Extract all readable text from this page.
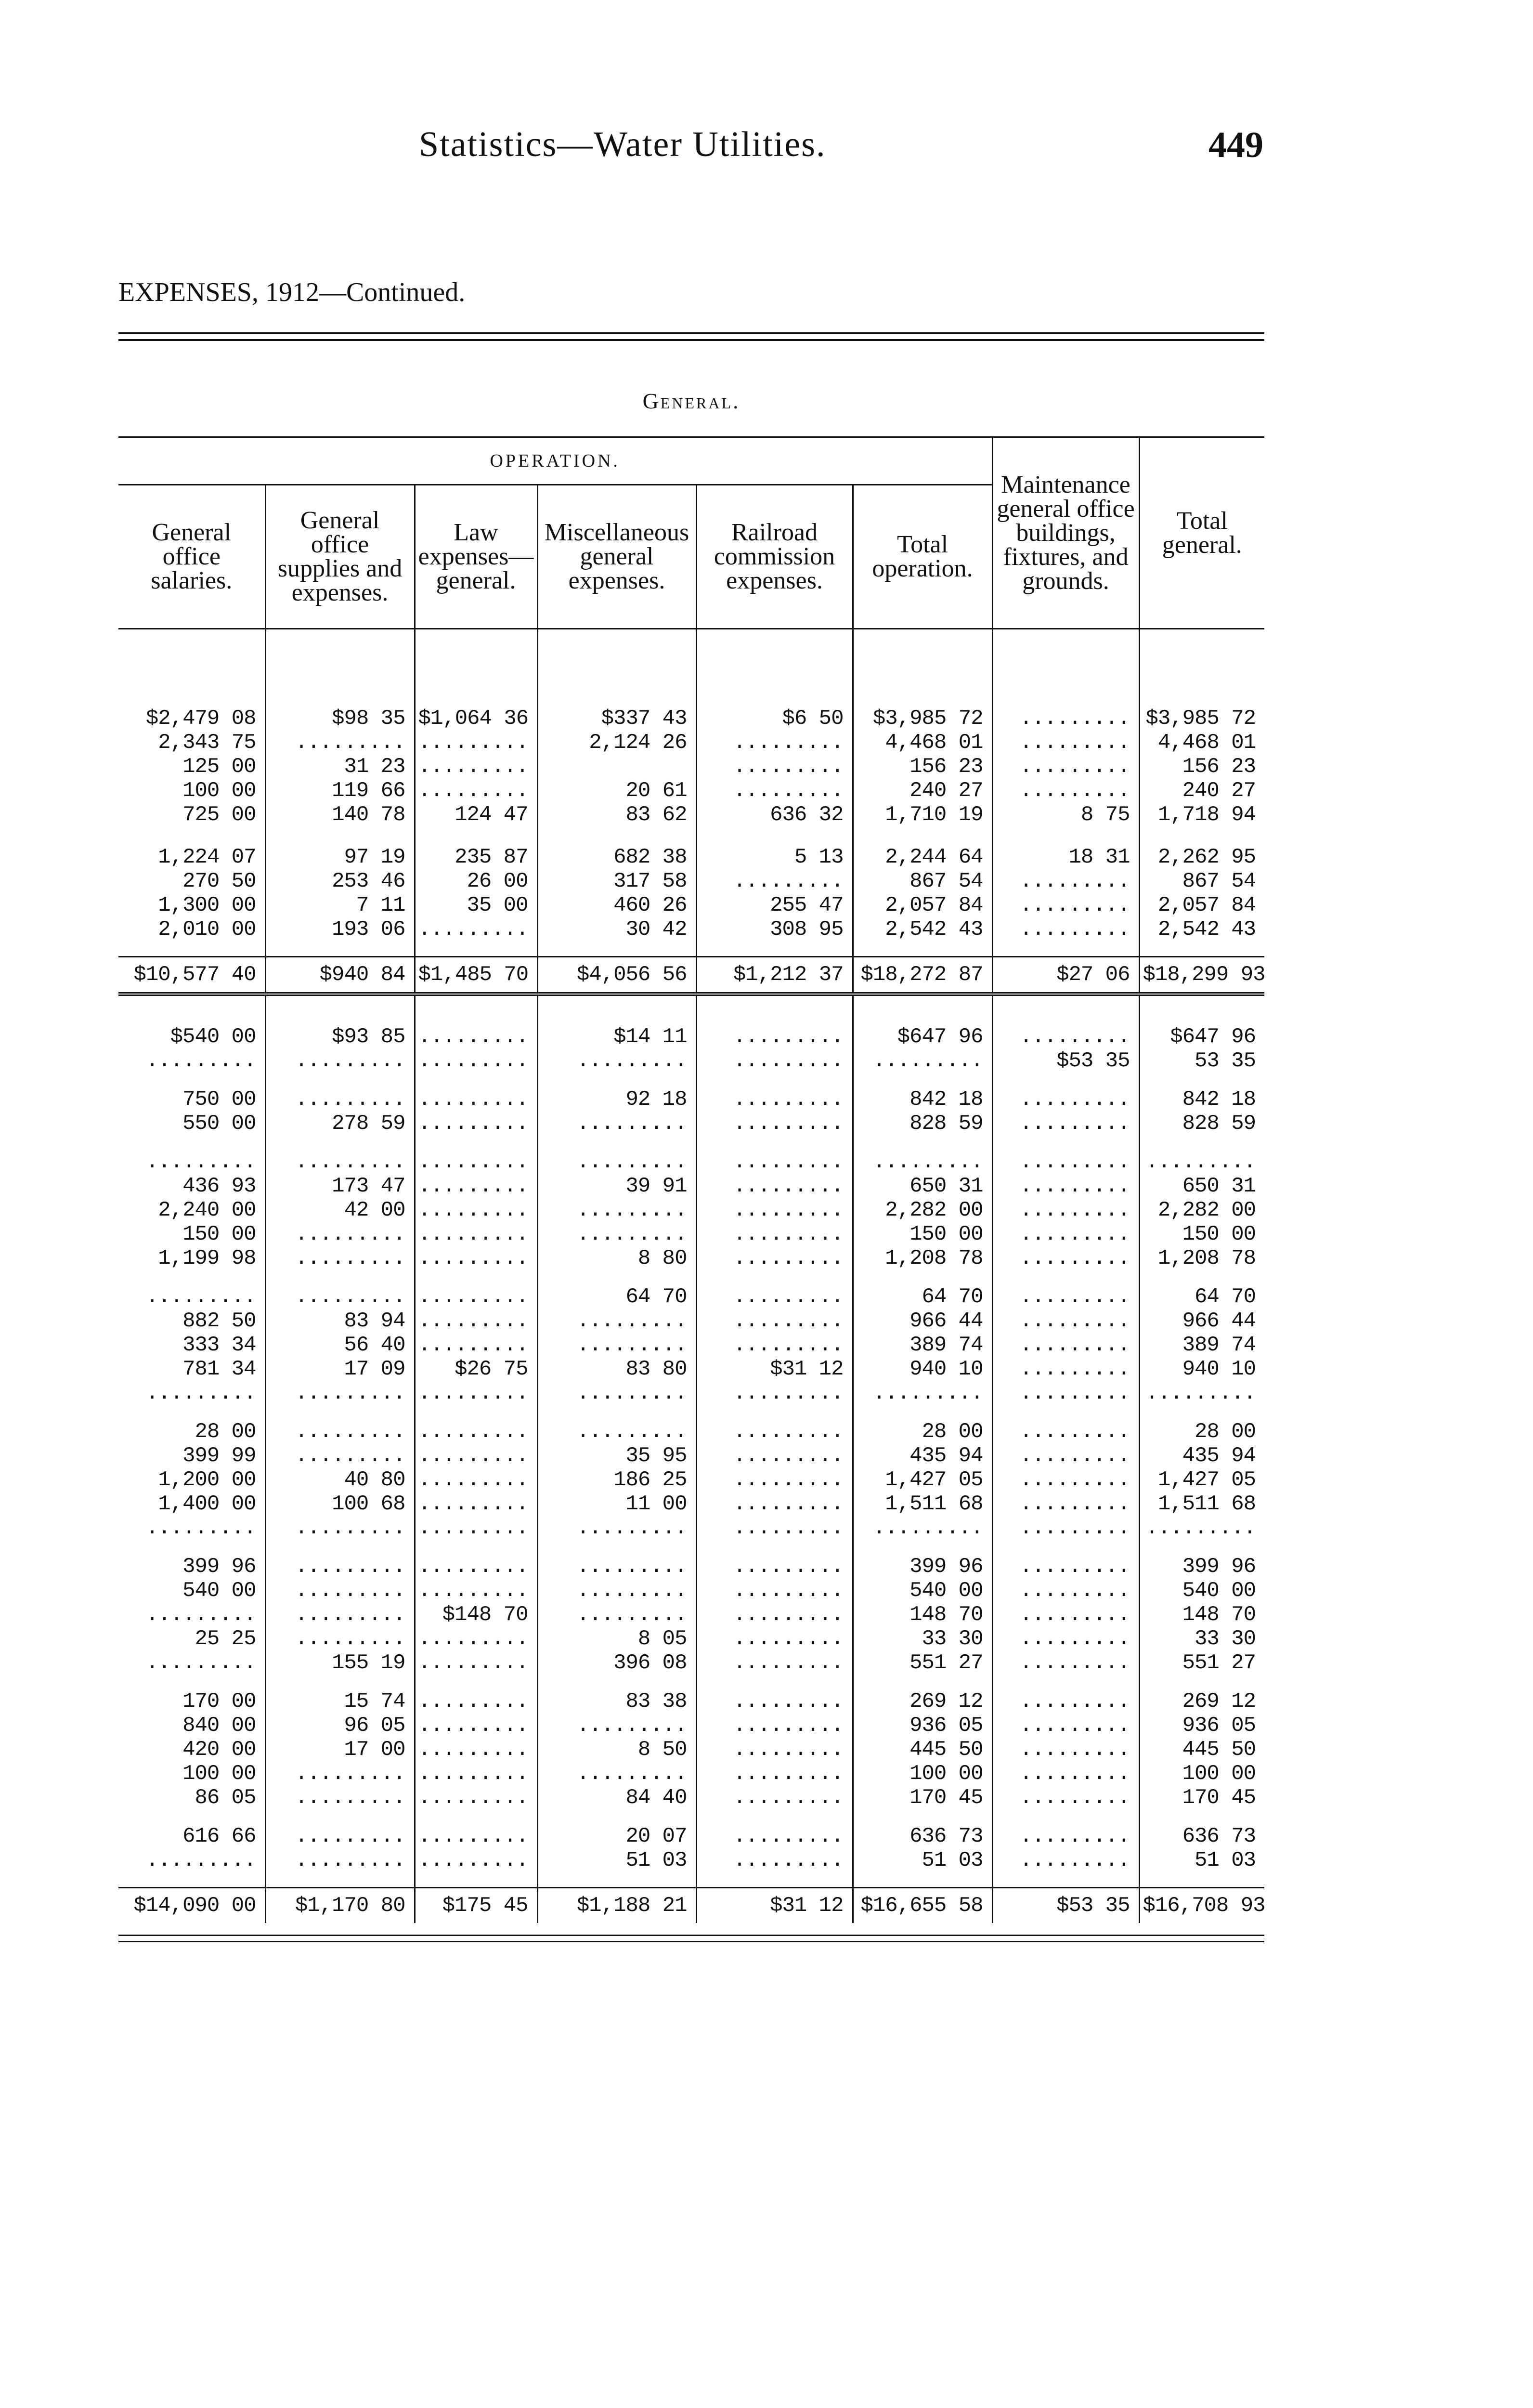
Statistics—Water Utilities.	449
EXPENSES, 1912—Continued.
General.							
OPERATION.						Maintenance general office buildings, fixtures, and grounds.	Total general.
General office salaries.	General office supplies and expenses.	Law expenses— general.	Miscellaneous general expenses.	Railroad commission expenses.	Total operation.		

$2,479 08	$98 35	$1,064 36	$337 43	$6 50	$3,985 72	.........	$3,985 72
2,343 75	.........	.........	2,124 26	.........	4,468 01	.........	4,468 01
125 00	31 23	.........		.........	156 23	.........	156 23
100 00	119 66	.........	20 61	.........	240 27	.........	240 27
725 00	140 78	124 47	83 62	636 32	1,710 19	8 75	1,718 94

1,224 07	97 19	235 87	682 38	5 13	2,244 64	18 31	2,262 95
270 50	253 46	26 00	317 58	.........	867 54	.........	867 54
1,300 00	7 11	35 00	460 26	255 47	2,057 84	.........	2,057 84
2,010 00	193 06	.........	30 42	308 95	2,542 43	.........	2,542 43

$10,577 40	$940 84	$1,485 70	$4,056 56	$1,212 37	$18,272 87	$27 06	$18,299 93

$540 00	$93 85	.........	$14 11	.........	$647 96	.........	$647 96
.........	.........	.........	.........	.........	.........	$53 35	53 35

750 00	.........	.........	92 18	.........	842 18	.........	842 18
550 00	278 59	.........	.........	.........	828 59	.........	828 59

.........	.........	.........	.........	.........	.........	.........	.........
436 93	173 47	.........	39 91	.........	650 31	.........	650 31
2,240 00	42 00	.........	.........	.........	2,282 00	.........	2,282 00
150 00	.........	.........	.........	.........	150 00	.........	150 00
1,199 98	.........	.........	8 80	.........	1,208 78	.........	1,208 78

.........	.........	.........	64 70	.........	64 70	.........	64 70
882 50	83 94	.........	.........	.........	966 44	.........	966 44
333 34	56 40	.........	.........	.........	389 74	.........	389 74
781 34	17 09	$26 75	83 80	$31 12	940 10	.........	940 10
.........	.........	.........	.........	.........	.........	.........	.........

28 00	.........	.........	.........	.........	28 00	.........	28 00
399 99	.........	.........	35 95	.........	435 94	.........	435 94
1,200 00	40 80	.........	186 25	.........	1,427 05	.........	1,427 05
1,400 00	100 68	.........	11 00	.........	1,511 68	.........	1,511 68
.........	.........	.........	.........	.........	.........	.........	.........

399 96	.........	.........	.........	.........	399 96	.........	399 96
540 00	.........	.........	.........	.........	540 00	.........	540 00
.........	.........	$148 70	.........	.........	148 70	.........	148 70
25 25	.........	.........	8 05	.........	33 30	.........	33 30
.........	155 19	.........	396 08	.........	551 27	.........	551 27

170 00	15 74	.........	83 38	.........	269 12	.........	269 12
840 00	96 05	.........	.........	.........	936 05	.........	936 05
420 00	17 00	.........	8 50	.........	445 50	.........	445 50
100 00	.........	.........	.........	.........	100 00	.........	100 00
86 05	.........	.........	84 40	.........	170 45	.........	170 45

616 66	.........	.........	20 07	.........	636 73	.........	636 73
.........	.........	.........	51 03	.........	51 03	.........	51 03

$14,090 00	$1,170 80	$175 45	$1,188 21	$31 12	$16,655 58	$53 35	$16,708 93
